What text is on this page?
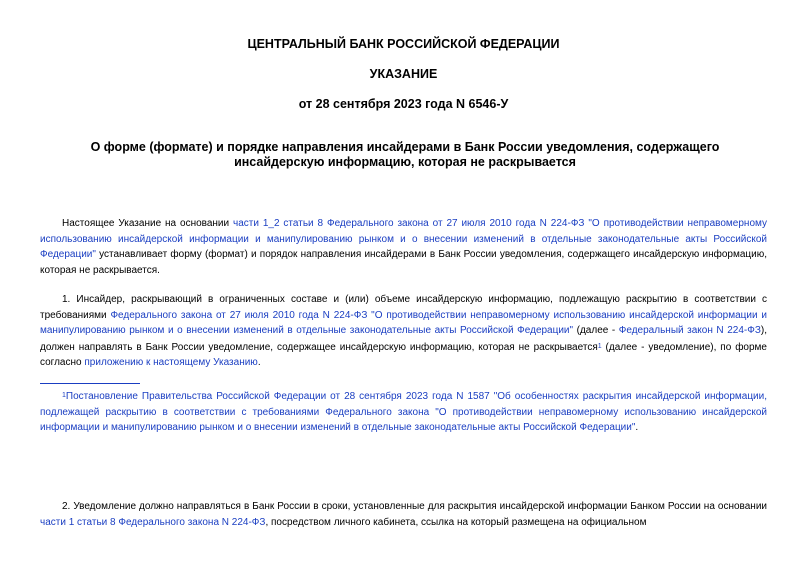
ЦЕНТРАЛЬНЫЙ БАНК РОССИЙСКОЙ ФЕДЕРАЦИИ
УКАЗАНИЕ
от 28 сентября 2023 года N 6546-У
О форме (формате) и порядке направления инсайдерами в Банк России уведомления, содержащего инсайдерскую информацию, которая не раскрывается
Настоящее Указание на основании части 1_2 статьи 8 Федерального закона от 27 июля 2010 года N 224-ФЗ "О противодействии неправомерному использованию инсайдерской информации и манипулированию рынком и о внесении изменений в отдельные законодательные акты Российской Федерации" устанавливает форму (формат) и порядок направления инсайдерами в Банк России уведомления, содержащего инсайдерскую информацию, которая не раскрывается.
1. Инсайдер, раскрывающий в ограниченных составе и (или) объеме инсайдерскую информацию, подлежащую раскрытию в соответствии с требованиями Федерального закона от 27 июля 2010 года N 224-ФЗ "О противодействии неправомерному использованию инсайдерской информации и манипулированию рынком и о внесении изменений в отдельные законодательные акты Российской Федерации" (далее - Федеральный закон N 224-ФЗ), должен направлять в Банк России уведомление, содержащее инсайдерскую информацию, которая не раскрывается$^1$ (далее - уведомление), по форме согласно приложению к настоящему Указанию.
$^1$Постановление Правительства Российской Федерации от 28 сентября 2023 года N 1587 "Об особенностях раскрытия инсайдерской информации, подлежащей раскрытию в соответствии с требованиями Федерального закона "О противодействии неправомерному использованию инсайдерской информации и манипулированию рынком и о внесении изменений в отдельные законодательные акты Российской Федерации".
2. Уведомление должно направляться в Банк России в сроки, установленные для раскрытия инсайдерской информации Банком России на основании части 1 статьи 8 Федерального закона N 224-ФЗ, посредством личного кабинета, ссылка на который размещена на официальном
